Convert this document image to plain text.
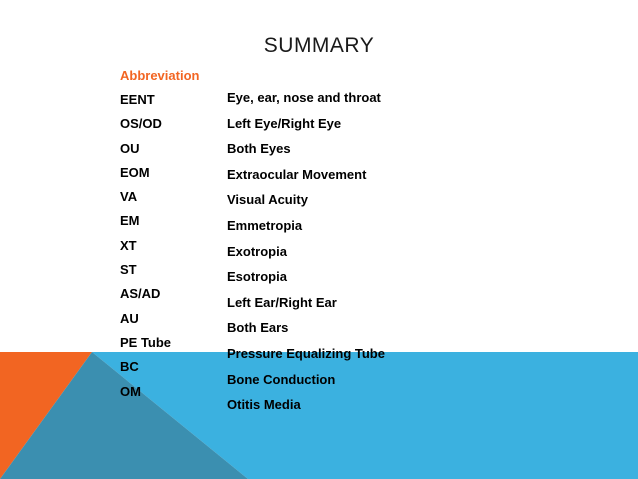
SUMMARY
Abbreviation
EENT
OS/OD
OU
EOM
VA
EM
XT
ST
AS/AD
AU
PE Tube
BC
OM
Eye, ear, nose and throat
Left Eye/Right Eye
Both Eyes
Extraocular Movement
Visual Acuity
Emmetropia
Exotropia
Esotropia
Left Ear/Right Ear
Both Ears
Pressure Equalizing Tube
Bone Conduction
Otitis Media
